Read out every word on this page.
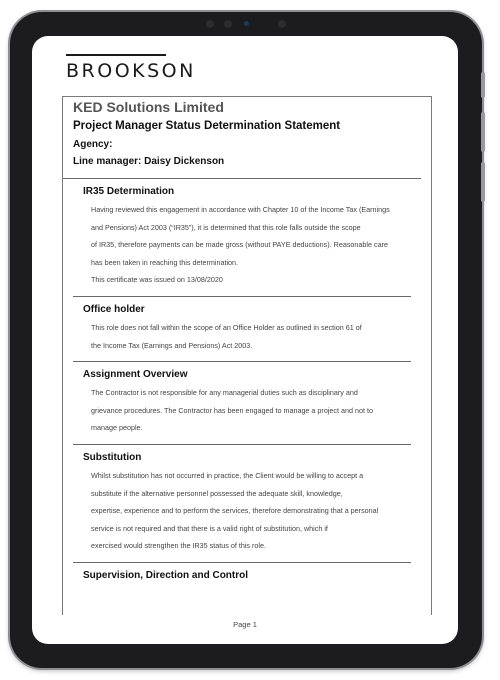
BROOKSON
KED Solutions Limited
Project Manager Status Determination Statement
Agency:
Line manager: Daisy Dickenson
IR35 Determination
Having reviewed this engagement in accordance with Chapter 10 of the Income Tax (Earnings
and Pensions) Act 2003 (“IR35”), it is determined that this role falls outside the scope
of IR35, therefore payments can be made gross (without PAYE deductions). Reasonable care
has been taken in reaching this determination.
This certificate was issued on 13/08/2020
Office holder
This role does not fall within the scope of an Office Holder as outlined in section 61 of
the Income Tax (Earnings and Pensions) Act 2003.
Assignment Overview
The Contractor is not responsible for any managerial duties such as disciplinary and
grievance procedures. The Contractor has been engaged to manage a project and not to
manage people.
Substitution
Whilst substitution has not occurred in practice, the Client would be willing to accept a
substitute if the alternative personnel possessed the adequate skill, knowledge,
expertise, experience and to perform the services, therefore demonstrating that a personal
service is not required and that there is a valid right of substitution, which if
exercised would strengthen the IR35 status of this role.
Supervision, Direction and Control
Page 1
